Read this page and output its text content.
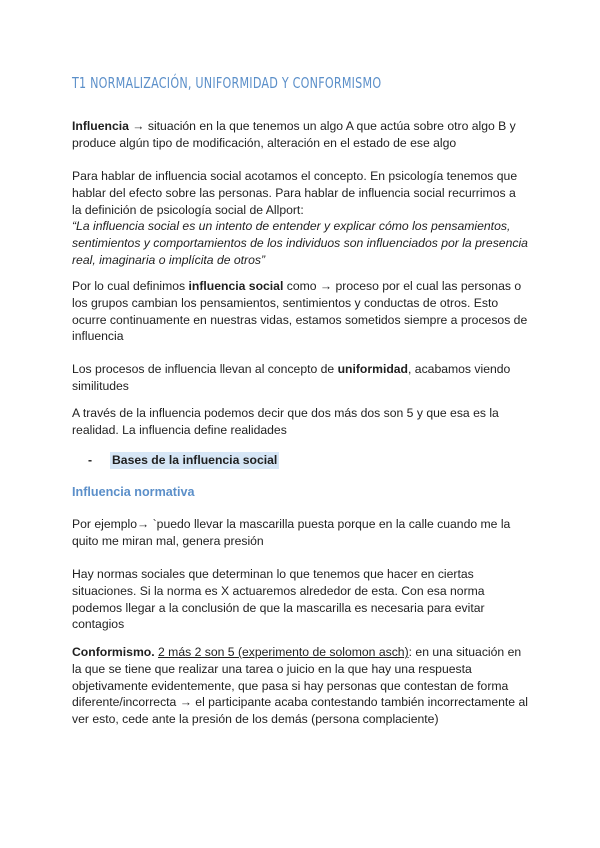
T1 NORMALIZACIÓN, UNIFORMIDAD Y CONFORMISMO

Influencia → situación en la que tenemos un algo A que actúa sobre otro algo B y produce algún tipo de modificación, alteración en el estado de ese algo

Para hablar de influencia social acotamos el concepto. En psicología tenemos que hablar del efecto sobre las personas. Para hablar de influencia social recurrimos a la definición de psicología social de Allport:
“La influencia social es un intento de entender y explicar cómo los pensamientos, sentimientos y comportamientos de los individuos son influenciados por la presencia real, imaginaria o implícita de otros”

Por lo cual definimos influencia social como → proceso por el cual las personas o los grupos cambian los pensamientos, sentimientos y conductas de otros. Esto ocurre continuamente en nuestras vidas, estamos sometidos siempre a procesos de influencia

Los procesos de influencia llevan al concepto de uniformidad, acabamos viendo similitudes

A través de la influencia podemos decir que dos más dos son 5 y que esa es la realidad. La influencia define realidades

-	Bases de la influencia social
Influencia normativa

Por ejemplo→ `puedo llevar la mascarilla puesta porque en la calle cuando me la quito me miran mal, genera presión

Hay normas sociales que determinan lo que tenemos que hacer en ciertas situaciones. Si la norma es X actuaremos alrededor de esta. Con esa norma podemos llegar a la conclusión de que la mascarilla es necesaria para evitar contagios

Conformismo. 2 más 2 son 5 (experimento de solomon asch): en una situación en la que se tiene que realizar una tarea o juicio en la que hay una respuesta objetivamente evidentemente, que pasa si hay personas que contestan de forma diferente/incorrecta → el participante acaba contestando también incorrectamente al ver esto, cede ante la presión de los demás (persona complaciente)
